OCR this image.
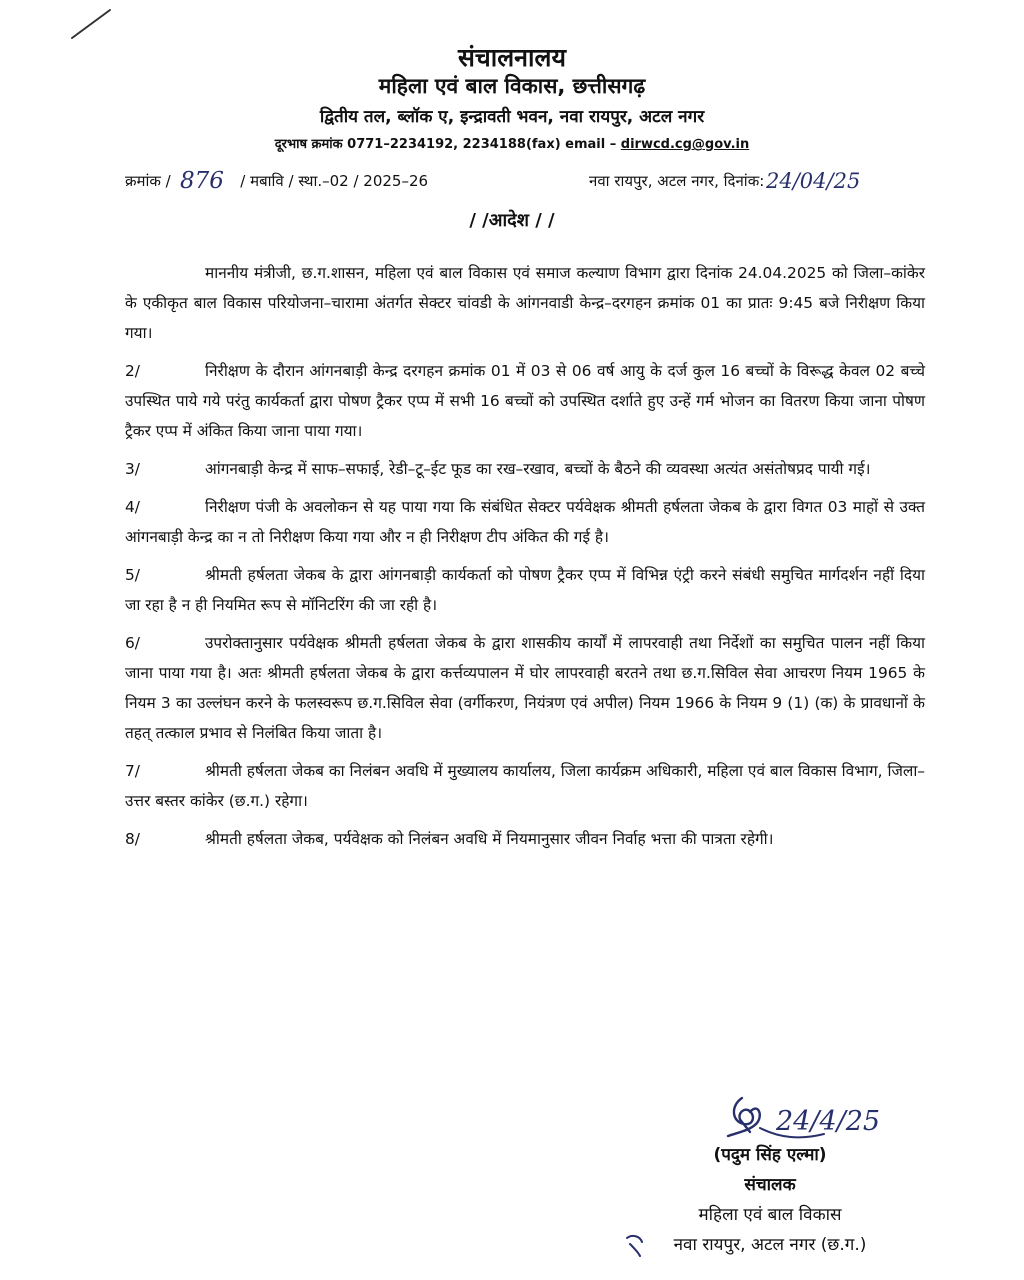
संचालनालय
महिला एवं बाल विकास, छत्तीसगढ़
द्वितीय तल, ब्लॉक ए, इन्द्रावती भवन, नवा रायपुर, अटल नगर
दूरभाष क्रमांक 0771–2234192, 2234188(fax) email – dirwcd.cg@gov.in
क्रमांक / 876 / मबावि / स्था.–02 / 2025–26	नवा रायपुर, अटल नगर, दिनांक: 24/04/25
/ /आदेश / /

माननीय मंत्रीजी, छ.ग.शासन, महिला एवं बाल विकास एवं समाज कल्याण विभाग द्वारा दिनांक 24.04.2025 को जिला–कांकेर के एकीकृत बाल विकास परियोजना–चारामा अंतर्गत सेक्टर चांवडी के आंगनवाडी केन्द्र–दरगहन क्रमांक 01 का प्रातः 9:45 बजे निरीक्षण किया गया।

2/	निरीक्षण के दौरान आंगनबाड़ी केन्द्र दरगहन क्रमांक 01 में 03 से 06 वर्ष आयु के दर्ज कुल 16 बच्चों के विरूद्ध केवल 02 बच्चे उपस्थित पाये गये परंतु कार्यकर्ता द्वारा पोषण ट्रैकर एप्प में सभी 16 बच्चों को उपस्थित दर्शाते हुए उन्हें गर्म भोजन का वितरण किया जाना पोषण ट्रैकर एप्प में अंकित किया जाना पाया गया।

3/	आंगनबाड़ी केन्द्र में साफ–सफाई, रेडी–टू–ईट फूड का रख–रखाव, बच्चों के बैठने की व्यवस्था अत्यंत असंतोषप्रद पायी गई।

4/	निरीक्षण पंजी के अवलोकन से यह पाया गया कि संबंधित सेक्टर पर्यवेक्षक श्रीमती हर्षलता जेकब के द्वारा विगत 03 माहों से उक्त आंगनबाड़ी केन्द्र का न तो निरीक्षण किया गया और न ही निरीक्षण टीप अंकित की गई है।

5/	श्रीमती हर्षलता जेकब के द्वारा आंगनबाड़ी कार्यकर्ता को पोषण ट्रैकर एप्प में विभिन्न एंट्री करने संबंधी समुचित मार्गदर्शन नहीं दिया जा रहा है न ही नियमित रूप से मॉनिटरिंग की जा रही है।

6/	उपरोक्तानुसार पर्यवेक्षक श्रीमती हर्षलता जेकब के द्वारा शासकीय कार्यों में लापरवाही तथा निर्देशों का समुचित पालन नहीं किया जाना पाया गया है। अतः श्रीमती हर्षलता जेकब के द्वारा कर्त्तव्यपालन में घोर लापरवाही बरतने तथा छ.ग.सिविल सेवा आचरण नियम 1965 के नियम 3 का उल्लंघन करने के फलस्वरूप छ.ग.सिविल सेवा (वर्गीकरण, नियंत्रण एवं अपील) नियम 1966 के नियम 9 (1) (क) के प्रावधानों के तहत् तत्काल प्रभाव से निलंबित किया जाता है।

7/	श्रीमती हर्षलता जेकब का निलंबन अवधि में मुख्यालय कार्यालय, जिला कार्यक्रम अधिकारी, महिला एवं बाल विकास विभाग, जिला–उत्तर बस्तर कांकेर (छ.ग.) रहेगा।

8/	श्रीमती हर्षलता जेकब, पर्यवेक्षक को निलंबन अवधि में नियमानुसार जीवन निर्वाह भत्ता की पात्रता रहेगी।

24/4/25
(पदुम सिंह एल्मा)
संचालक
महिला एवं बाल विकास
नवा रायपुर, अटल नगर (छ.ग.)
